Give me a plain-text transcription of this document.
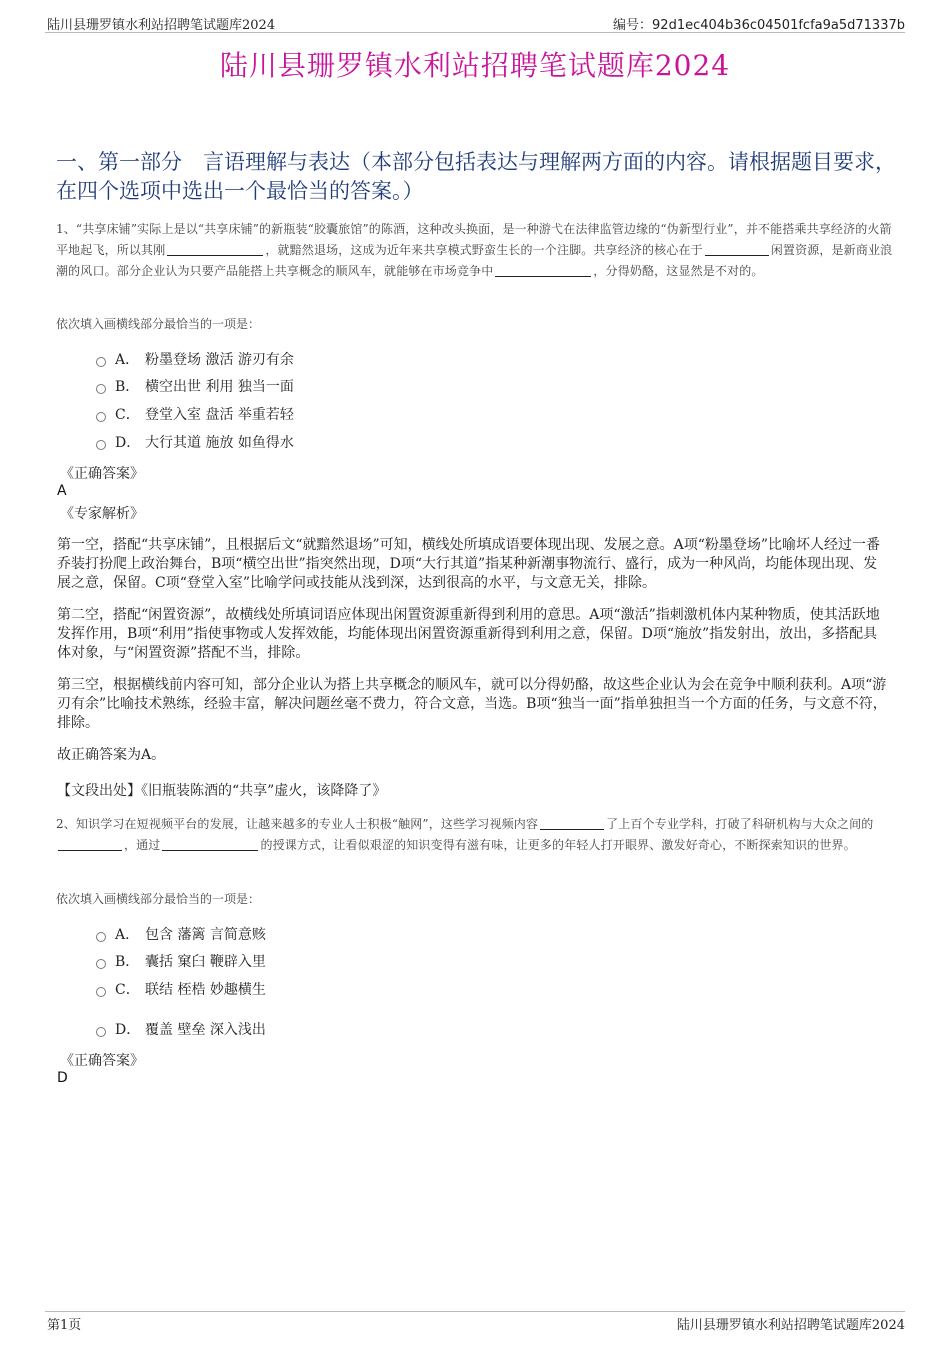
陆川县珊罗镇水利站招聘笔试题库2024	编号：92d1ec404b36c04501fcfa9a5d71337b
陆川县珊罗镇水利站招聘笔试题库2024
一、第一部分　言语理解与表达（本部分包括表达与理解两方面的内容。请根据题目要求，在四个选项中选出一个最恰当的答案。）
1、“共享床铺”实际上是以“共享床铺”的新瓶装“胶囊旅馆”的陈酒，这种改头换面，是一种游弋在法律监管边缘的“伪新型行业”，并不能搭乘共享经济的火箭平地起飞，所以其刚	，就黯然退场，这成为近年来共享模式野蛮生长的一个注脚。共享经济的核心在于	闲置资源，是新商业浪潮的风口。部分企业认为只要产品能搭上共享概念的顺风车，就能够在市场竞争中	，分得奶酪，这显然是不对的。
依次填入画横线部分最恰当的一项是：
A． 粉墨登场 激活 游刃有余
B． 横空出世 利用 独当一面
C． 登堂入室 盘活 举重若轻
D． 大行其道 施放 如鱼得水
《正确答案》
A
《专家解析》
第一空，搭配“共享床铺”，且根据后文“就黯然退场”可知，横线处所填成语要体现出现、发展之意。A项“粉墨登场”比喻坏人经过一番乔装打扮爬上政治舞台，B项“横空出世”指突然出现，D项“大行其道”指某种新潮事物流行、盛行，成为一种风尚，均能体现出现、发展之意，保留。C项“登堂入室”比喻学问或技能从浅到深，达到很高的水平，与文意无关，排除。
第二空，搭配“闲置资源”，故横线处所填词语应体现出闲置资源重新得到利用的意思。A项“激活”指刺激机体内某种物质，使其活跃地发挥作用，B项“利用”指使事物或人发挥效能，均能体现出闲置资源重新得到利用之意，保留。D项“施放”指发射出，放出，多搭配具体对象，与“闲置资源”搭配不当，排除。
第三空，根据横线前内容可知，部分企业认为搭上共享概念的顺风车，就可以分得奶酪，故这些企业认为会在竞争中顺利获利。A项“游刃有余”比喻技术熟练，经验丰富，解决问题丝毫不费力，符合文意，当选。B项“独当一面”指单独担当一个方面的任务，与文意不符，排除。
故正确答案为A。
【文段出处】《旧瓶装陈酒的“共享”虚火，该降降了》
2、知识学习在短视频平台的发展，让越来越多的专业人士积极“触网”，这些学习视频内容	了上百个专业学科，打破了科研机构与大众之间的，通过	的授课方式，让看似艰涩的知识变得有滋有味，让更多的年轻人打开眼界、激发好奇心，不断探索知识的世界。
依次填入画横线部分最恰当的一项是：
A． 包含 藩篱 言简意赅
B． 囊括 窠臼 鞭辟入里
C． 联结 桎梏 妙趣横生
D． 覆盖 壁垒 深入浅出
《正确答案》
D
第1页	陆川县珊罗镇水利站招聘笔试题库2024
